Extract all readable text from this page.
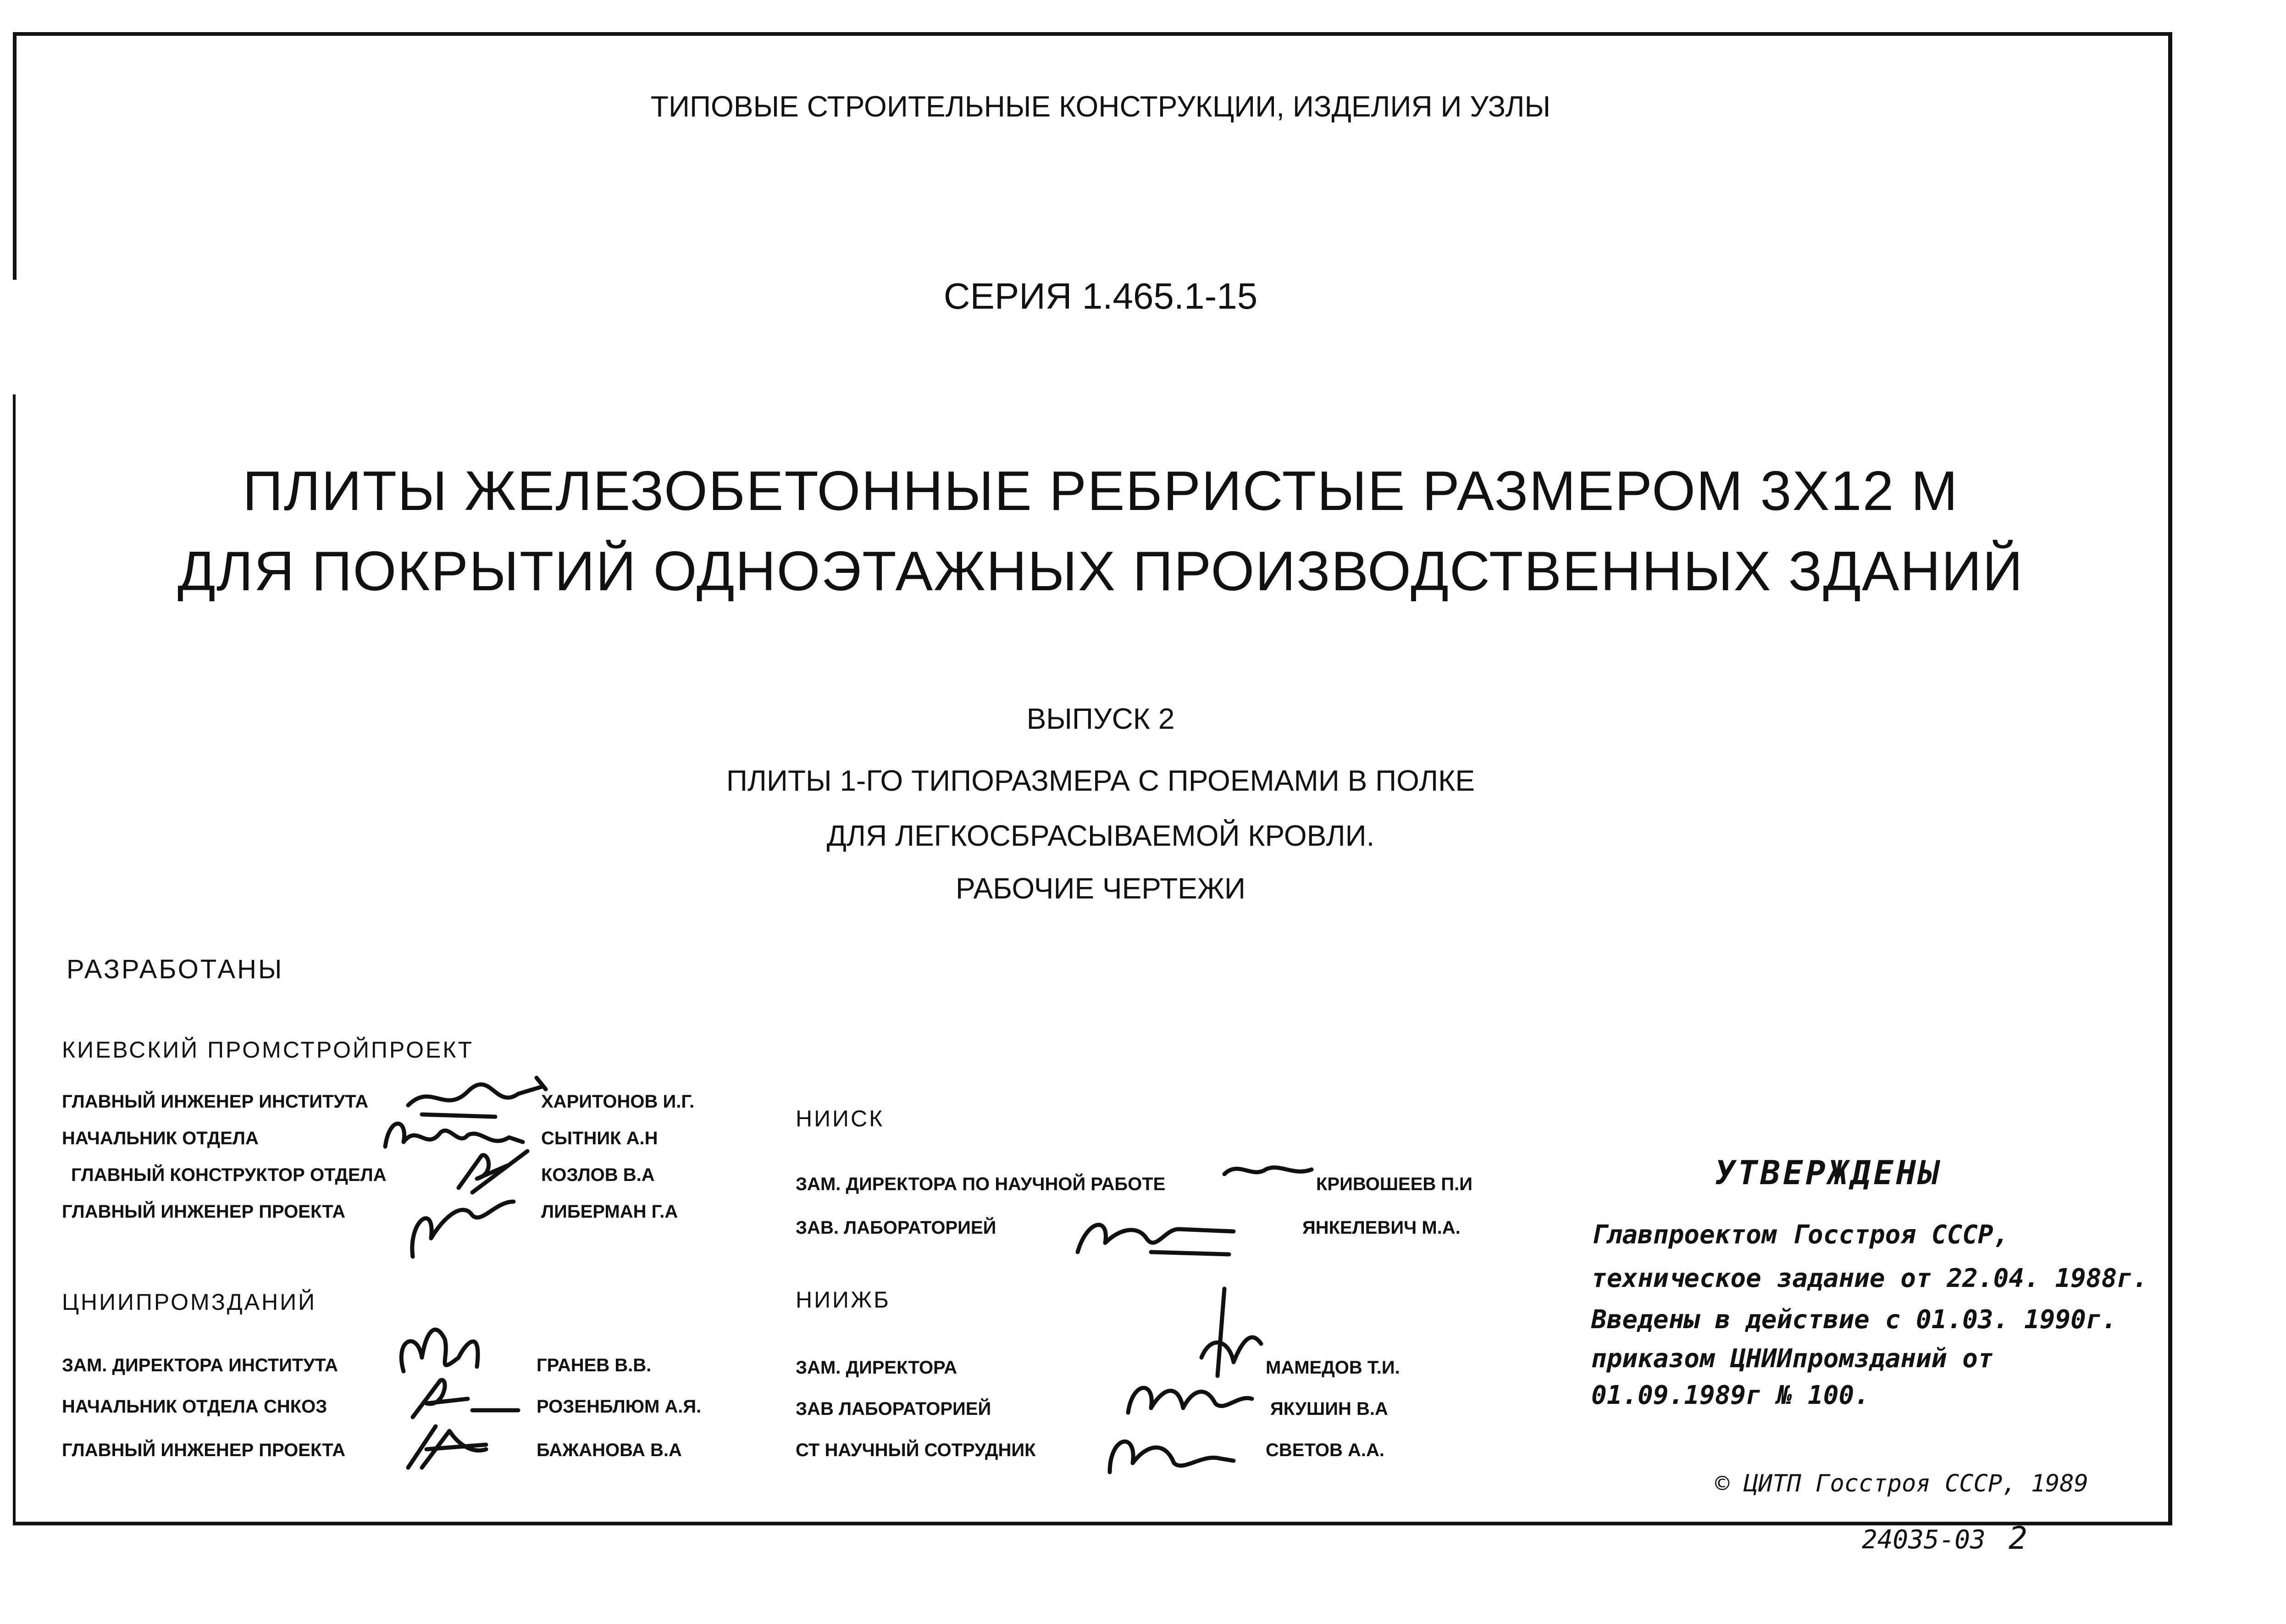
ТИПОВЫЕ СТРОИТЕЛЬНЫЕ КОНСТРУКЦИИ, ИЗДЕЛИЯ И УЗЛЫ
СЕРИЯ 1.465.1-15
ПЛИТЫ ЖЕЛЕЗОБЕТОННЫЕ РЕБРИСТЫЕ РАЗМЕРОМ 3Х12 М
ДЛЯ ПОКРЫТИЙ ОДНОЭТАЖНЫХ ПРОИЗВОДСТВЕННЫХ ЗДАНИЙ
ВЫПУСК 2
ПЛИТЫ 1-ГО ТИПОРАЗМЕРА С ПРОЕМАМИ В ПОЛКЕ
ДЛЯ ЛЕГКОСБРАСЫВАЕМОЙ КРОВЛИ.
РАБОЧИЕ ЧЕРТЕЖИ
РАЗРАБОТАНЫ
КИЕВСКИЙ ПРОМСТРОЙПРОЕКТ
ГЛАВНЫЙ ИНЖЕНЕР ИНСТИТУТА	ХАРИТОНОВ И.Г.
НАЧАЛЬНИК ОТДЕЛА	СЫТНИК А.Н
ГЛАВНЫЙ КОНСТРУКТОР ОТДЕЛА	КОЗЛОВ В.А
ГЛАВНЫЙ ИНЖЕНЕР ПРОЕКТА	ЛИБЕРМАН Г.А
ЦНИИПРОМЗДАНИЙ
ЗАМ. ДИРЕКТОРА ИНСТИТУТА	ГРАНЕВ В.В.
НАЧАЛЬНИК ОТДЕЛА СНКОЗ	РОЗЕНБЛЮМ А.Я.
ГЛАВНЫЙ ИНЖЕНЕР ПРОЕКТА	БАЖАНОВА В.А
НИИСК
ЗАМ. ДИРЕКТОРА ПО НАУЧНОЙ РАБОТЕ	КРИВОШЕЕВ П.И
ЗАВ. ЛАБОРАТОРИЕЙ	ЯНКЕЛЕВИЧ М.А.
НИИЖБ
ЗАМ. ДИРЕКТОРА	МАМЕДОВ Т.И.
ЗАВ ЛАБОРАТОРИЕЙ	ЯКУШИН В.А
СТ НАУЧНЫЙ СОТРУДНИК	СВЕТОВ А.А.
УТВЕРЖДЕНЫ
Главпроектом Госстроя СССР,
техническое задание от 22.04. 1988г.
Введены в действие с 01.03. 1990г.
приказом ЦНИИпромзданий от
01.09.1989г № 100.
© ЦИТП Госстроя СССР, 1989
24035-03 2
